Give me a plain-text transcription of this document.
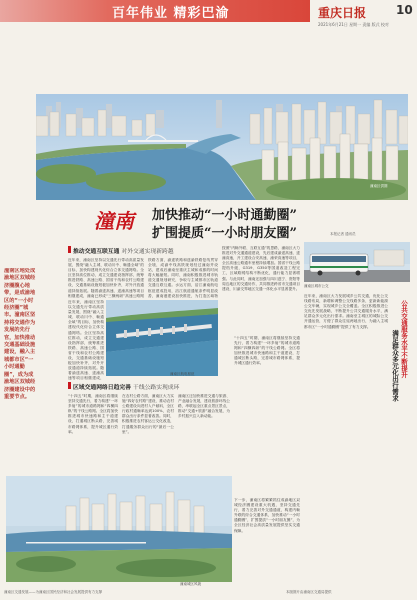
百年伟业 精彩巴渝	重庆日报
2021年6月21日 星期一 责编 版式 校对
10
潼南区供图
潼南 加快推动“一小时通勤圈”
扩围提质“一小时朋友圈”	本报记者 通讯员
潼南区地处成渝地区双城经济圈腹心地带，是成渝地区的“一小时经济圈”城市。潼南区坚持将交通作为发展的先行官，加快推动交通基础设施建设，融入主城都市区“一小时通勤圈”，成为成渝地区双城经济圈建设中的重要节点。
推动交通互联互通 对外交通实现新跨越
近年来，潼南区坚持以交通先行带动高质量发展，围绕“融入主城、联动川中、畅通全域”的目标，加快构建现代化综合立体交通网络。全区坚持高位推动，成立交通建设指挥部，统筹推进铁路、高速公路、国省干线和农村公路建设，交通基础设施短板加快补齐，对外开放通道持续拓展。随着渝遂高速、遂潼高速等项目相继建成，潼南已形成“三横两纵”高速公路网
铁路方面，渝遂铁路和遂渝铁路复线贯穿全境，成渝中线高铁规划经过潼南并设站，建成后潼南至重庆主城和成都的时间将大幅缩短。同时，潼南积极推进城市轨道交通规划研究，争取与主城都市区轨道交通互联互通。水运方面，涪江潼南航电枢纽建成投用，涪江航道通航条件明显改善，潼南港建设加快推进，为打造区域物
按照“内畅外联、互联互通”的思路，潼南区大力推进对外交通通道建设，先后建成渝遂高速、遂潼高速，开工建设合安高速、潼荣高速等项目，全区高速公路通车里程持续增加。国省干线公路提档升级，G319、G350等国道改造工程完工，区域路网结构不断优化，通行能力显著增强。与此同时，潼南还加强与四川遂宁、资阳等周边地区的交通协作，共同推进跨省市交通项目建设，川渝交界地区交通一体化水平显著提升。
近年来，潼南区坚持以交通先行带动高质量发展，围绕“融入主城、联动川中、畅通全域”的目标，加快构建现代化综合立体交通网络。全区坚持高位推动，成立交通建设指挥部，统筹推进铁路、高速公路、国省干线和农村公路建设，交通基础设施短板加快补齐，对外开放通道持续拓展。随着渝遂高速、遂潼高速等项目相继建成，
潼南区航电枢纽
区域交通网络日趋完善 干线公路实现成环
“十四五”时期，潼南区将继续坚持交通先行，着力构建“一环多射”的城市道路网和“四横四纵”的干线公路网。全区将加快推进城市快速路和主干道建设，打通城区断头路，完善城市路网体系，提升城区通行效率。
在农村公路方面，潼南区大力实施“四好农村路”建设，推动农村公路建设向进村入户倾斜，全区行政村通畅率达到100%，农村群众出行条件显著改善。同时，积极推进农村客运公交化改造，打通服务群众出行的“最后一公里”。
潼南区还加快推进交通与旅游、产业融合发展，建设旅游环线公路，串联起全区重点景区景点，推动“交通+旅游”融合发展，为乡村振兴注入新动能。
“十四五”时期，潼南区将继续坚持交通先行，着力构建“一环多射”的城市道路网和“四横四纵”的干线公路网。全区将加快推进城市快速路和主干道建设，打通城区断头路，完善城市路网体系，提升城区通行效率。
潼南城区风貌
下一步，潼南区将紧紧抓住成渝地区双城经济圈建设重大机遇，坚持交通先行，着力完善对外交通通道，构建内畅外联的综合交通体系，加快推动“一小时通勤圈”，扩围提质“一小时朋友圈”，为全区经济社会高质量发展提供坚实交通保障。
潼南区城市公交
公共交通服务水平不断提升
满足群众多元化出行需求
近年来，潼南区大力发展城乡公共交通，优化公交线路布局，新增和调整公交线路多条，更新新能源公交车辆，实现城乡公交全覆盖。全区积极推进公交优先发展战略，不断提升公共交通服务水平，满足群众多元化出行需求。潼南至主城区的城际公交开通运营，方便了群众往返两地出行，为融入主城都市区“一小时通勤圈”提供了有力支撑。
潼南区交通发展——为潼南区国民经济和社会发展提供有力支撑	本版图片由潼南区交通局提供
